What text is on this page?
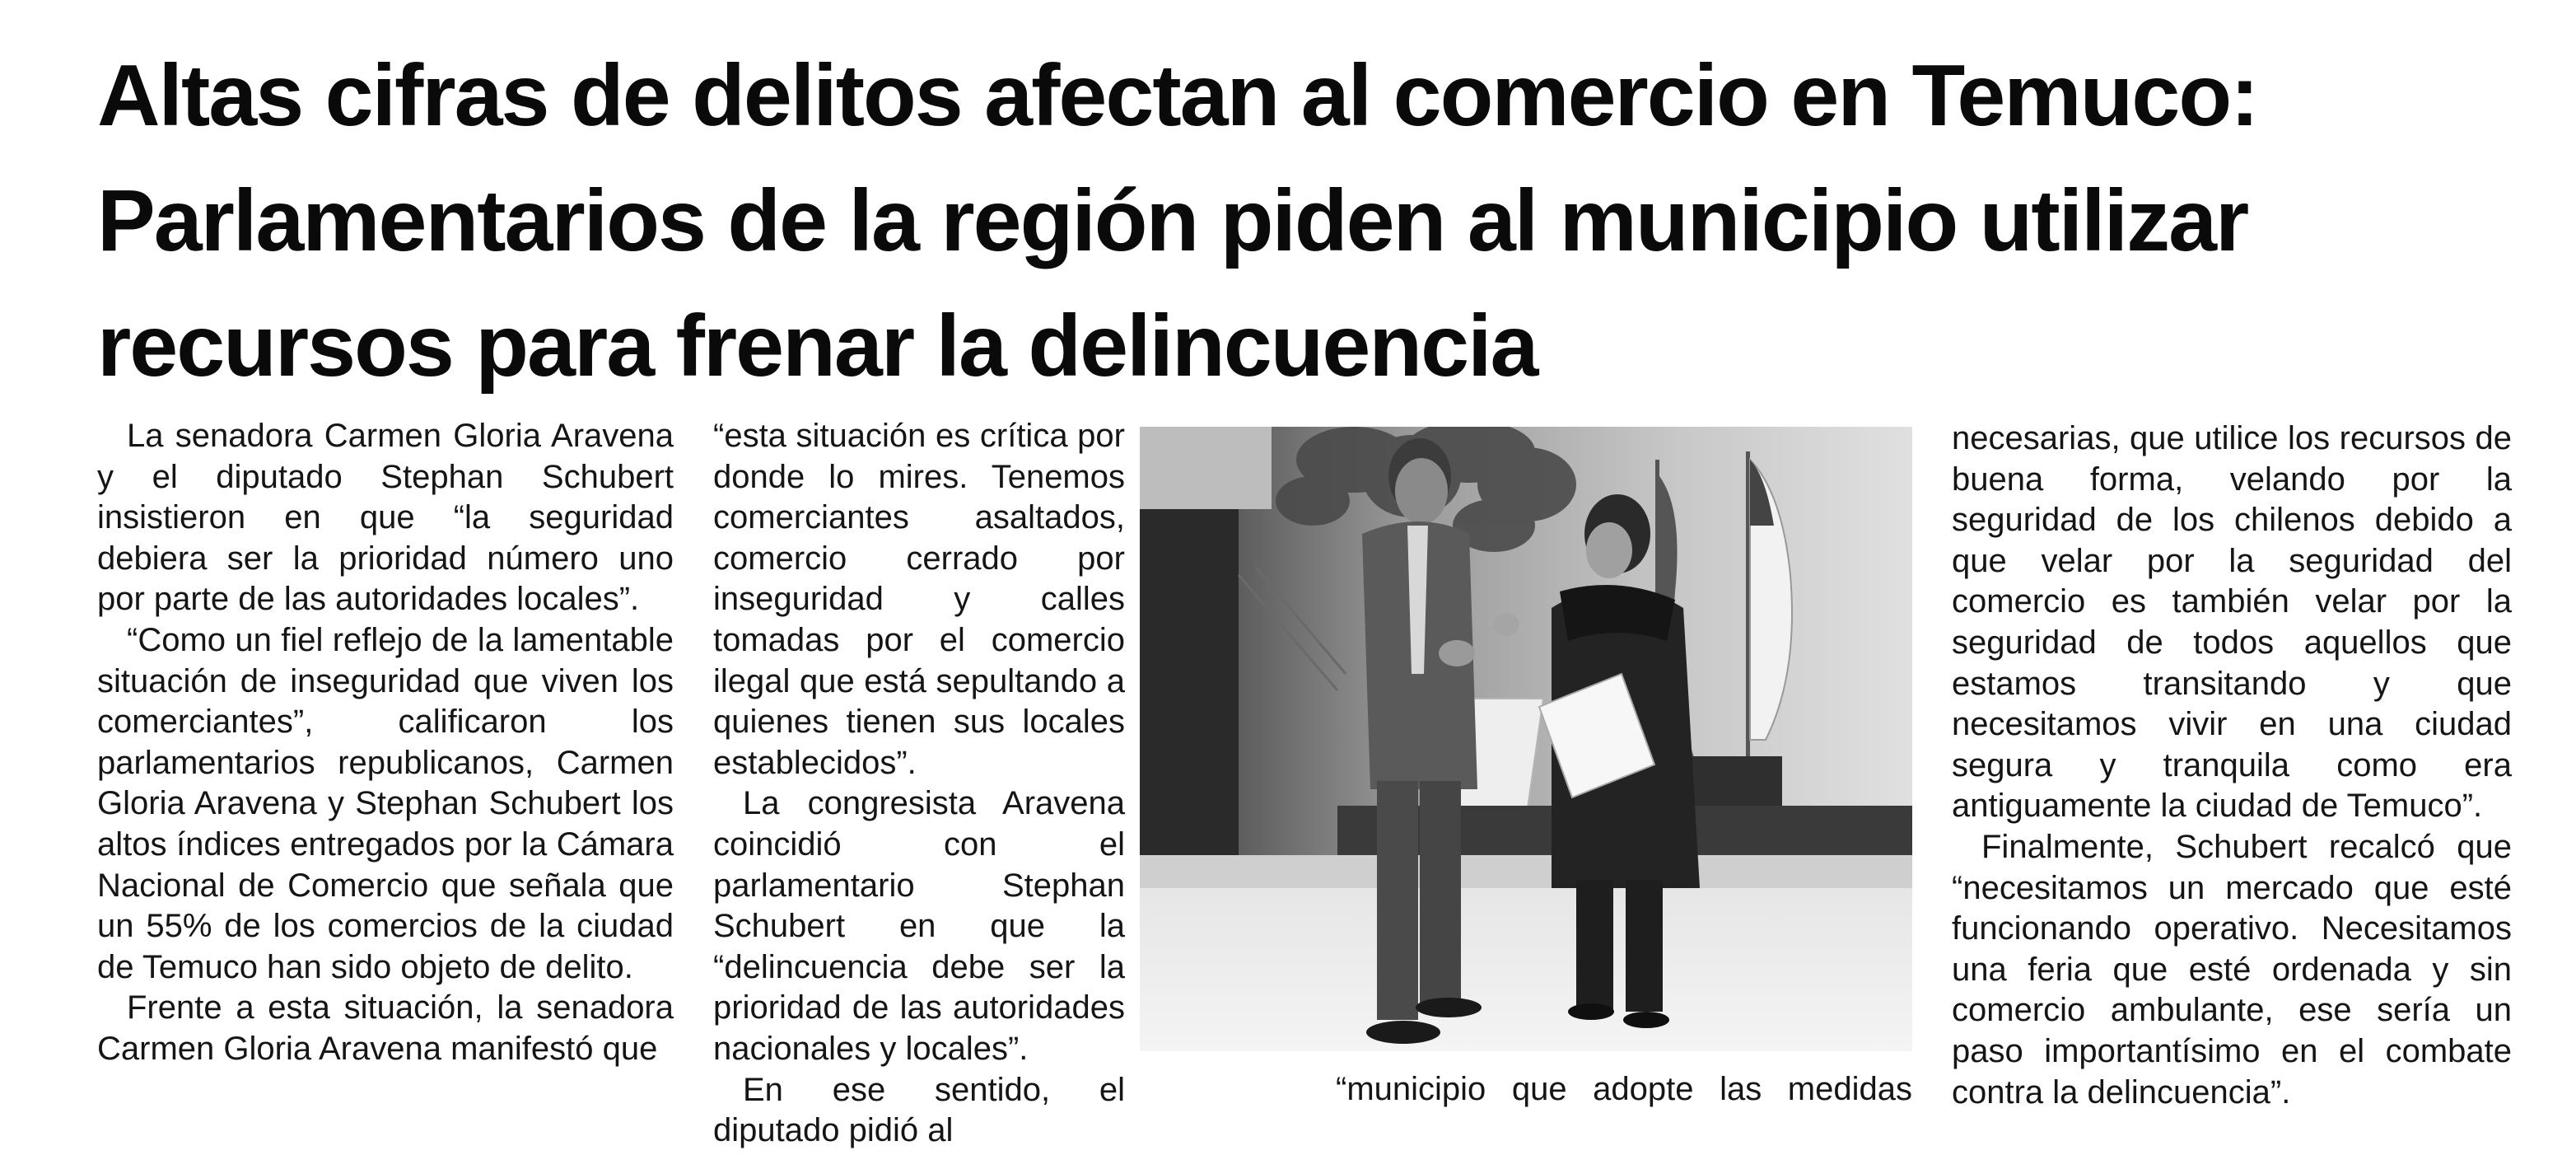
Altas cifras de delitos afectan al comercio en Temuco:
Parlamentarios de la región piden al municipio utilizar
recursos para frenar la delincuencia

La senadora Carmen Gloria Aravena y el diputado Stephan Schubert insistieron en que “la seguridad debiera ser la prioridad número uno por parte de las autoridades locales”.

“Como un fiel reflejo de la lamentable situación de inseguridad que viven los comerciantes”, calificaron los parlamentarios republicanos, Carmen Gloria Aravena y Stephan Schubert los altos índices entregados por la Cámara Nacional de Comercio que señala que un 55% de los comercios de la ciudad de Temuco han sido objeto de delito.

Frente a esta situación, la senadora Carmen Gloria Aravena manifestó que

“esta situación es crítica por donde lo mires. Tenemos comerciantes asaltados, comercio cerrado por inseguridad y calles tomadas por el comercio ilegal que está sepultando a quienes tienen sus locales establecidos”.

La congresista Aravena coincidió con el parlamentario Stephan Schubert en que la “delincuencia debe ser la prioridad de las autoridades nacionales y locales”.

En ese sentido, el diputado pidió al

“municipio que adopte las medidas

necesarias, que utilice los recursos de buena forma, velando por la seguridad de los chilenos debido a que velar por la seguridad del comercio es también velar por la seguridad de todos aquellos que estamos transitando y que necesitamos vivir en una ciudad segura y tranquila como era antiguamente la ciudad de Temuco”.

Finalmente, Schubert recalcó que “necesitamos un mercado que esté funcionando operativo. Necesitamos una feria que esté ordenada y sin comercio ambulante, ese sería un paso importantísimo en el combate contra la delincuencia”.
